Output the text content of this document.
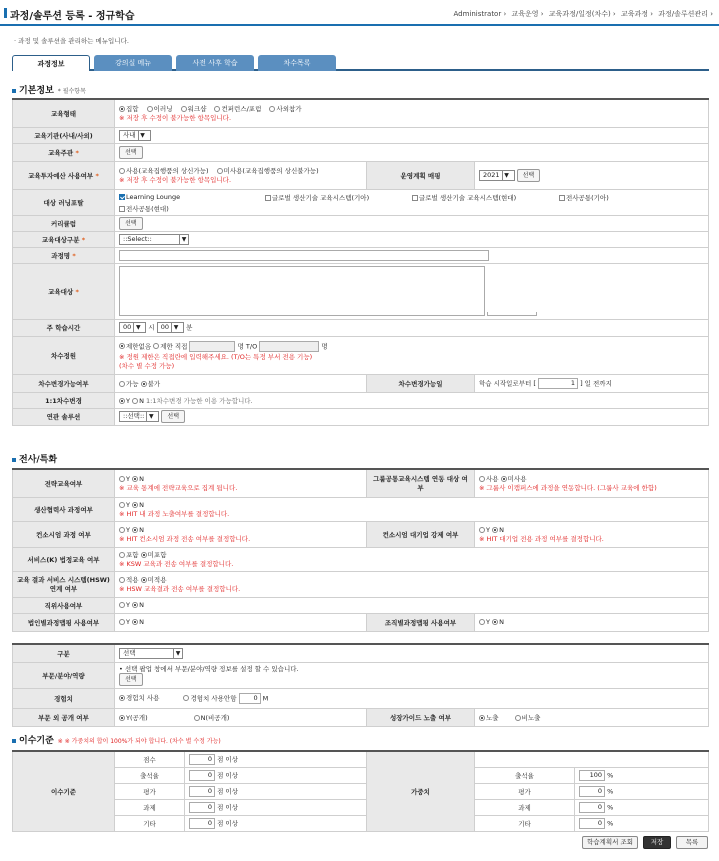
과정/솔루션 등록 - 정규학습	Administrator › 교육운영 › 교육과정/일정(차수) › 교육과정 › 과정/솔루션관리 ›
· 과정 및 솔루션을 관리하는 메뉴입니다.
과정정보	강의실 메뉴	사전 사후 학습	차수목록
기본정보 * 필수항목
교육형태	집합 이러닝 워크샵 컨퍼런스/포럼 사외참가
※ 저장 후 수정이 불가능한 항목입니다.		
교육기관(사내/사외)	사내 ▼		
교육주관 *	선택		
교육투자예산 사용여부 *	사용(교육집행품의 상신가능) 미사용(교육집행품의 상신불가능)
※ 저장 후 수정이 불가능한 항목입니다.	운영계획 매핑	2021 ▼ 선택
대상 러닝포탈	Learning Lounge 글로벌 생산기술 교육시스템(기아) 글로벌 생산기술 교육시스템(현대) 전사공통(기아)
전사공통(현대)		

커리큘럼	선택		
교육대상구분 *	::Select:: ▼		

과정명 *			
교육대상 *			
주 학습시간	00 ▼ 시 00 ▼ 분		
차수정원	제한없음 제한 직접 명 T/O 명
※ 정원 제한은 직접란에 입력해주세요. (T/O는 특정 부서 전용 기능)
(차수 별 수정 가능)		
차수변경가능여부	가능 불가	차수변경가능일	학습 시작일로부터 [ 1 ] 일 전까지
1:1차수변경	Y N 1:1차수변경 가능한 이용 가능합니다.		
연관 솔루션	::선택:: ▼ 선택		
전사/특화
전략교육여부	Y N
※ 교육 통계에 전략교육으로 집계 됩니다.	그룹공통교육시스템 연동 대상 여부	사용 미사용
※ 그룹사 이캠퍼스에 과정을 연동합니다. (그룹사 교육에 한함)
생산협력사 과정여부	Y N
※ HIT 내 과정 노출여부를 결정합니다.		
컨소시엄 과정 여부	Y N
※ HIT 컨소시엄 과정 전송 여부를 결정합니다.	컨소시엄 대기업 강제 여부	Y N
※ HIT 대기업 전용 과정 여부를 결정합니다.
서비스(K) 법정교육 여부	포함 미포함
※ KSW 교육과 전송 여부를 결정합니다.		
교육 결과 서비스 시스템(HSW) 연계 여부	적용 미적용
※ HSW 교육결과 전송 여부를 결정합니다.		
직위사용여부	Y N		
법인별과정맵핑 사용여부	Y N	조직별과정맵핑 사용여부	Y N
구분	선택 ▼		

부문/분야/역량	• 선택 팝업 창에서 부문/분야/역량 정보를 설정 할 수 있습니다.
선택		
경험치	경험치 사용 경험치 사용안함 0 M		
부문 외 공개 여부	Y(공개) N(비공개)	성장가이드 노출 여부	노출 비노출
이수기준 ※ ※ 가중치의 합이 100%가 되야 합니다. (차수 별 수정 가능)
이수기준	점수	0 점 이상	가중치		
	출석율	0 점 이상		출석율	100 %
	평가	0 점 이상		평가	0 %
	과제	0 점 이상		과제	0 %
	기타	0 점 이상		기타	0 %
학습계획서 조회	저장	목록
